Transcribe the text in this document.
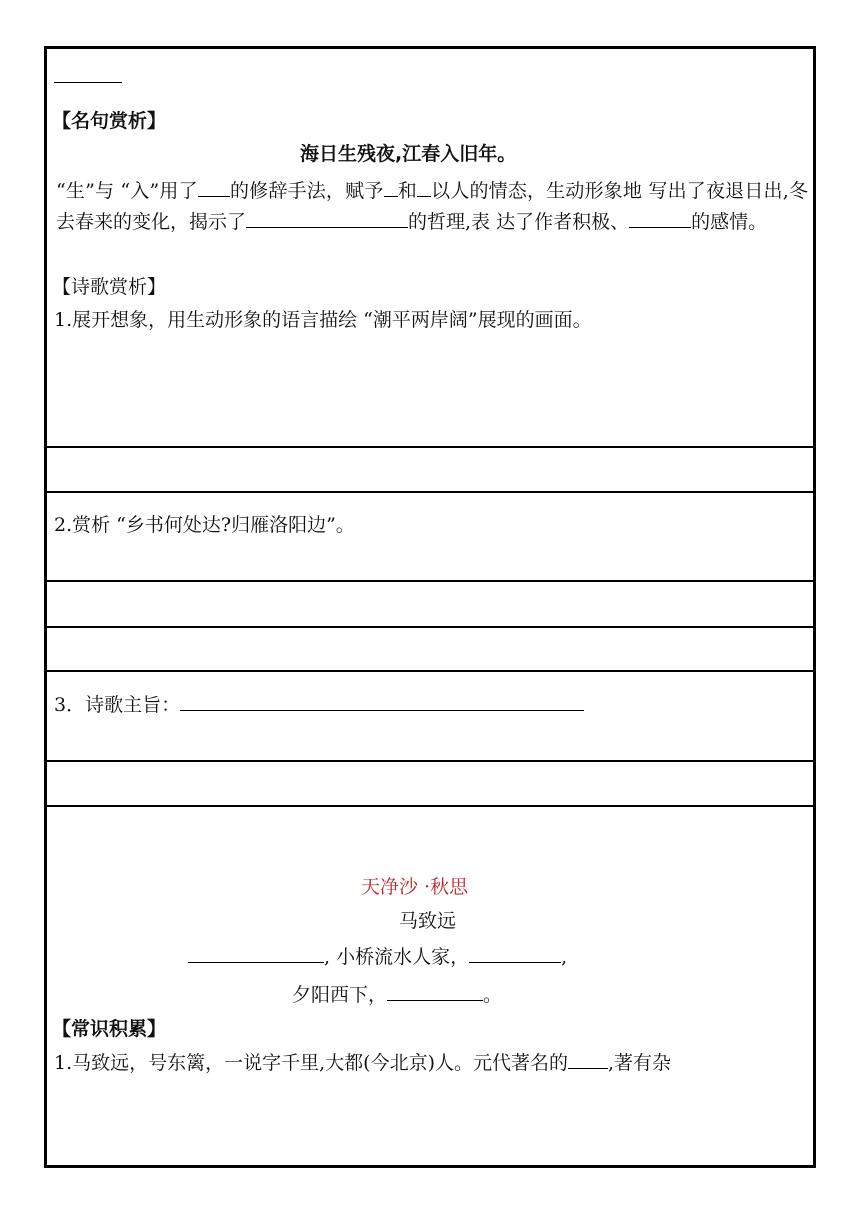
【名句赏析】
海日生残夜,江春入旧年。
“生”与 “入”用了 的修辞手法，赋予 和 以人的情态，生动形象地 写出了夜退日出,冬去春来的变化，揭示了	的哲理,表 达了作者积极、	的感情。
【诗歌赏析】
1.展开想象，用生动形象的语言描绘 “潮平两岸阔”展现的画面。
2.赏析 “乡书何处达?归雁洛阳边”。
3．诗歌主旨：
天净沙 ·秋思
马致远
, 小桥流水人家，	,
夕阳西下，	。
【常识积累】
1.马致远，号东篱，一说字千里,大都(今北京)人。元代著名的 ,著有杂
